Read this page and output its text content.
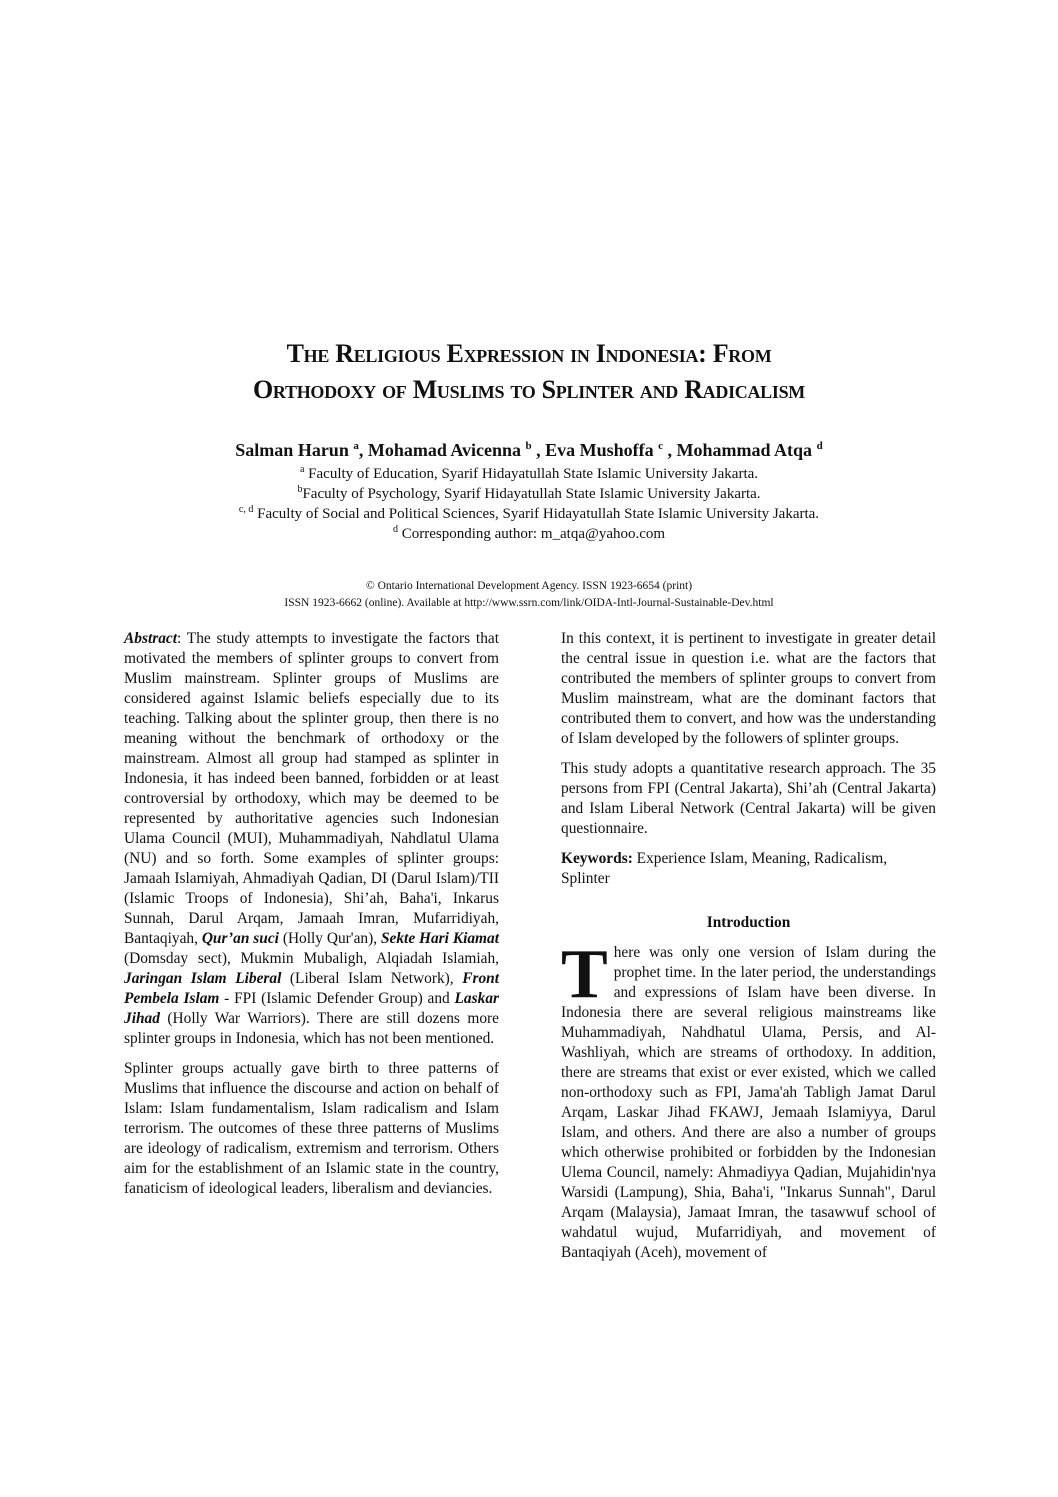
The Religious Expression in Indonesia: From
Orthodoxy of Muslims to Splinter and Radicalism
Salman Harun $^a$, Mohamad Avicenna $^b$ , Eva Mushoffa $^c$ , Mohammad Atqa $^d$
$^a$ Faculty of Education, Syarif Hidayatullah State Islamic University Jakarta.
$^b$Faculty of Psychology, Syarif Hidayatullah State Islamic University Jakarta.
$^{c, d}$ Faculty of Social and Political Sciences, Syarif Hidayatullah State Islamic University Jakarta.
$^d$ Corresponding author: m_atqa@yahoo.com
© Ontario International Development Agency. ISSN 1923-6654 (print)
ISSN 1923-6662 (online). Available at http://www.ssrn.com/link/OIDA-Intl-Journal-Sustainable-Dev.html

Abstract: The study attempts to investigate the factors that motivated the members of splinter groups to convert from Muslim mainstream. Splinter groups of Muslims are considered against Islamic beliefs especially due to its teaching. Talking about the splinter group, then there is no meaning without the benchmark of orthodoxy or the mainstream. Almost all group had stamped as splinter in Indonesia, it has indeed been banned, forbidden or at least controversial by orthodoxy, which may be deemed to be represented by authoritative agencies such Indonesian Ulama Council (MUI), Muhammadiyah, Nahdlatul Ulama (NU) and so forth. Some examples of splinter groups: Jamaah Islamiyah, Ahmadiyah Qadian, DI (Darul Islam)/TII (Islamic Troops of Indonesia), Shi’ah, Baha'i, Inkarus Sunnah, Darul Arqam, Jamaah Imran, Mufarridiyah, Bantaqiyah, Qur’an suci (Holly Qur'an), Sekte Hari Kiamat (Domsday sect), Mukmin Mubaligh, Alqiadah Islamiah, Jaringan Islam Liberal (Liberal Islam Network), Front Pembela Islam - FPI (Islamic Defender Group) and Laskar Jihad (Holly War Warriors). There are still dozens more splinter groups in Indonesia, which has not been mentioned.

Splinter groups actually gave birth to three patterns of Muslims that influence the discourse and action on behalf of Islam: Islam fundamentalism, Islam radicalism and Islam terrorism. The outcomes of these three patterns of Muslims are ideology of radicalism, extremism and terrorism. Others aim for the establishment of an Islamic state in the country, fanaticism of ideological leaders, liberalism and deviancies.

In this context, it is pertinent to investigate in greater detail the central issue in question i.e. what are the factors that contributed the members of splinter groups to convert from Muslim mainstream, what are the dominant factors that contributed them to convert, and how was the understanding of Islam developed by the followers of splinter groups.

This study adopts a quantitative research approach. The 35 persons from FPI (Central Jakarta), Shi’ah (Central Jakarta) and Islam Liberal Network (Central Jakarta) will be given questionnaire.

Keywords: Experience Islam, Meaning, Radicalism, Splinter

Introduction

There was only one version of Islam during the prophet time. In the later period, the understandings and expressions of Islam have been diverse. In Indonesia there are several religious mainstreams like Muhammadiyah, Nahdhatul Ulama, Persis, and Al-Washliyah, which are streams of orthodoxy. In addition, there are streams that exist or ever existed, which we called non-orthodoxy such as FPI, Jama'ah Tabligh Jamat Darul Arqam, Laskar Jihad FKAWJ, Jemaah Islamiyya, Darul Islam, and others. And there are also a number of groups which otherwise prohibited or forbidden by the Indonesian Ulema Council, namely: Ahmadiyya Qadian, Mujahidin'nya Warsidi (Lampung), Shia, Baha'i, "Inkarus Sunnah", Darul Arqam (Malaysia), Jamaat Imran, the tasawwuf school of wahdatul wujud, Mufarridiyah, and movement of Bantaqiyah (Aceh), movement of
